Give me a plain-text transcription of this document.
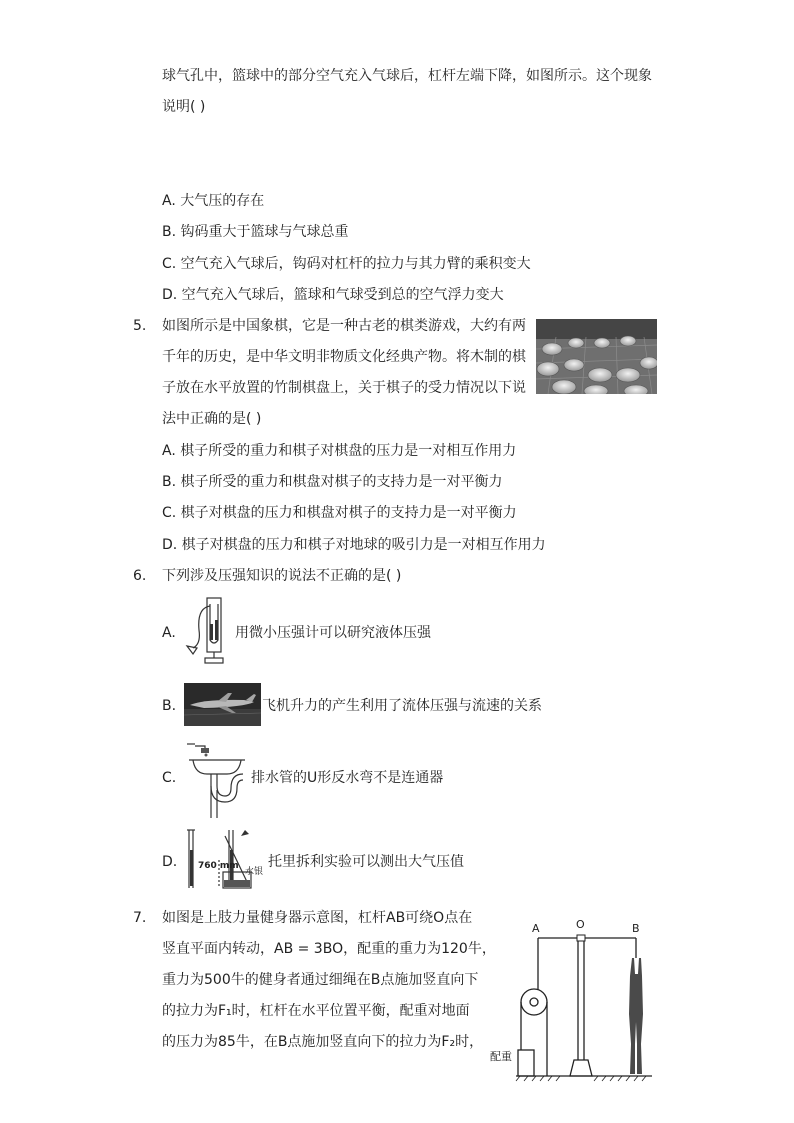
球气孔中，篮球中的部分空气充入气球后，杠杆左端下降，如图所示。这个现象
说明( )
A. 大气压的存在
B. 钩码重大于篮球与气球总重
C. 空气充入气球后，钩码对杠杆的拉力与其力臂的乘积变大
D. 空气充入气球后，篮球和气球受到总的空气浮力变大
5. 如图所示是中国象棋，它是一种古老的棋类游戏，大约有两
千年的历史，是中华文明非物质文化经典产物。将木制的棋
子放在水平放置的竹制棋盘上，关于棋子的受力情况以下说
法中正确的是( )
A. 棋子所受的重力和棋子对棋盘的压力是一对相互作用力
B. 棋子所受的重力和棋盘对棋子的支持力是一对平衡力
C. 棋子对棋盘的压力和棋盘对棋子的支持力是一对平衡力
D. 棋子对棋盘的压力和棋子对地球的吸引力是一对相互作用力
6. 下列涉及压强知识的说法不正确的是( )
A.	用微小压强计可以研究液体压强
B.	飞机升力的产生利用了流体压强与流速的关系
C.	排水管的U形反水弯不是连通器
D. 760 mm
水银
托里拆利实验可以测出大气压值
7. 如图是上肢力量健身器示意图，杠杆AB可绕O点在
竖直平面内转动，AB = 3BO，配重的重力为120牛，
重力为500牛的健身者通过细绳在B点施加竖直向下
的拉力为F₁时，杠杆在水平位置平衡，配重对地面
的压力为85牛，在B点施加竖直向下的拉力为F₂时，
A	O	B
配重
